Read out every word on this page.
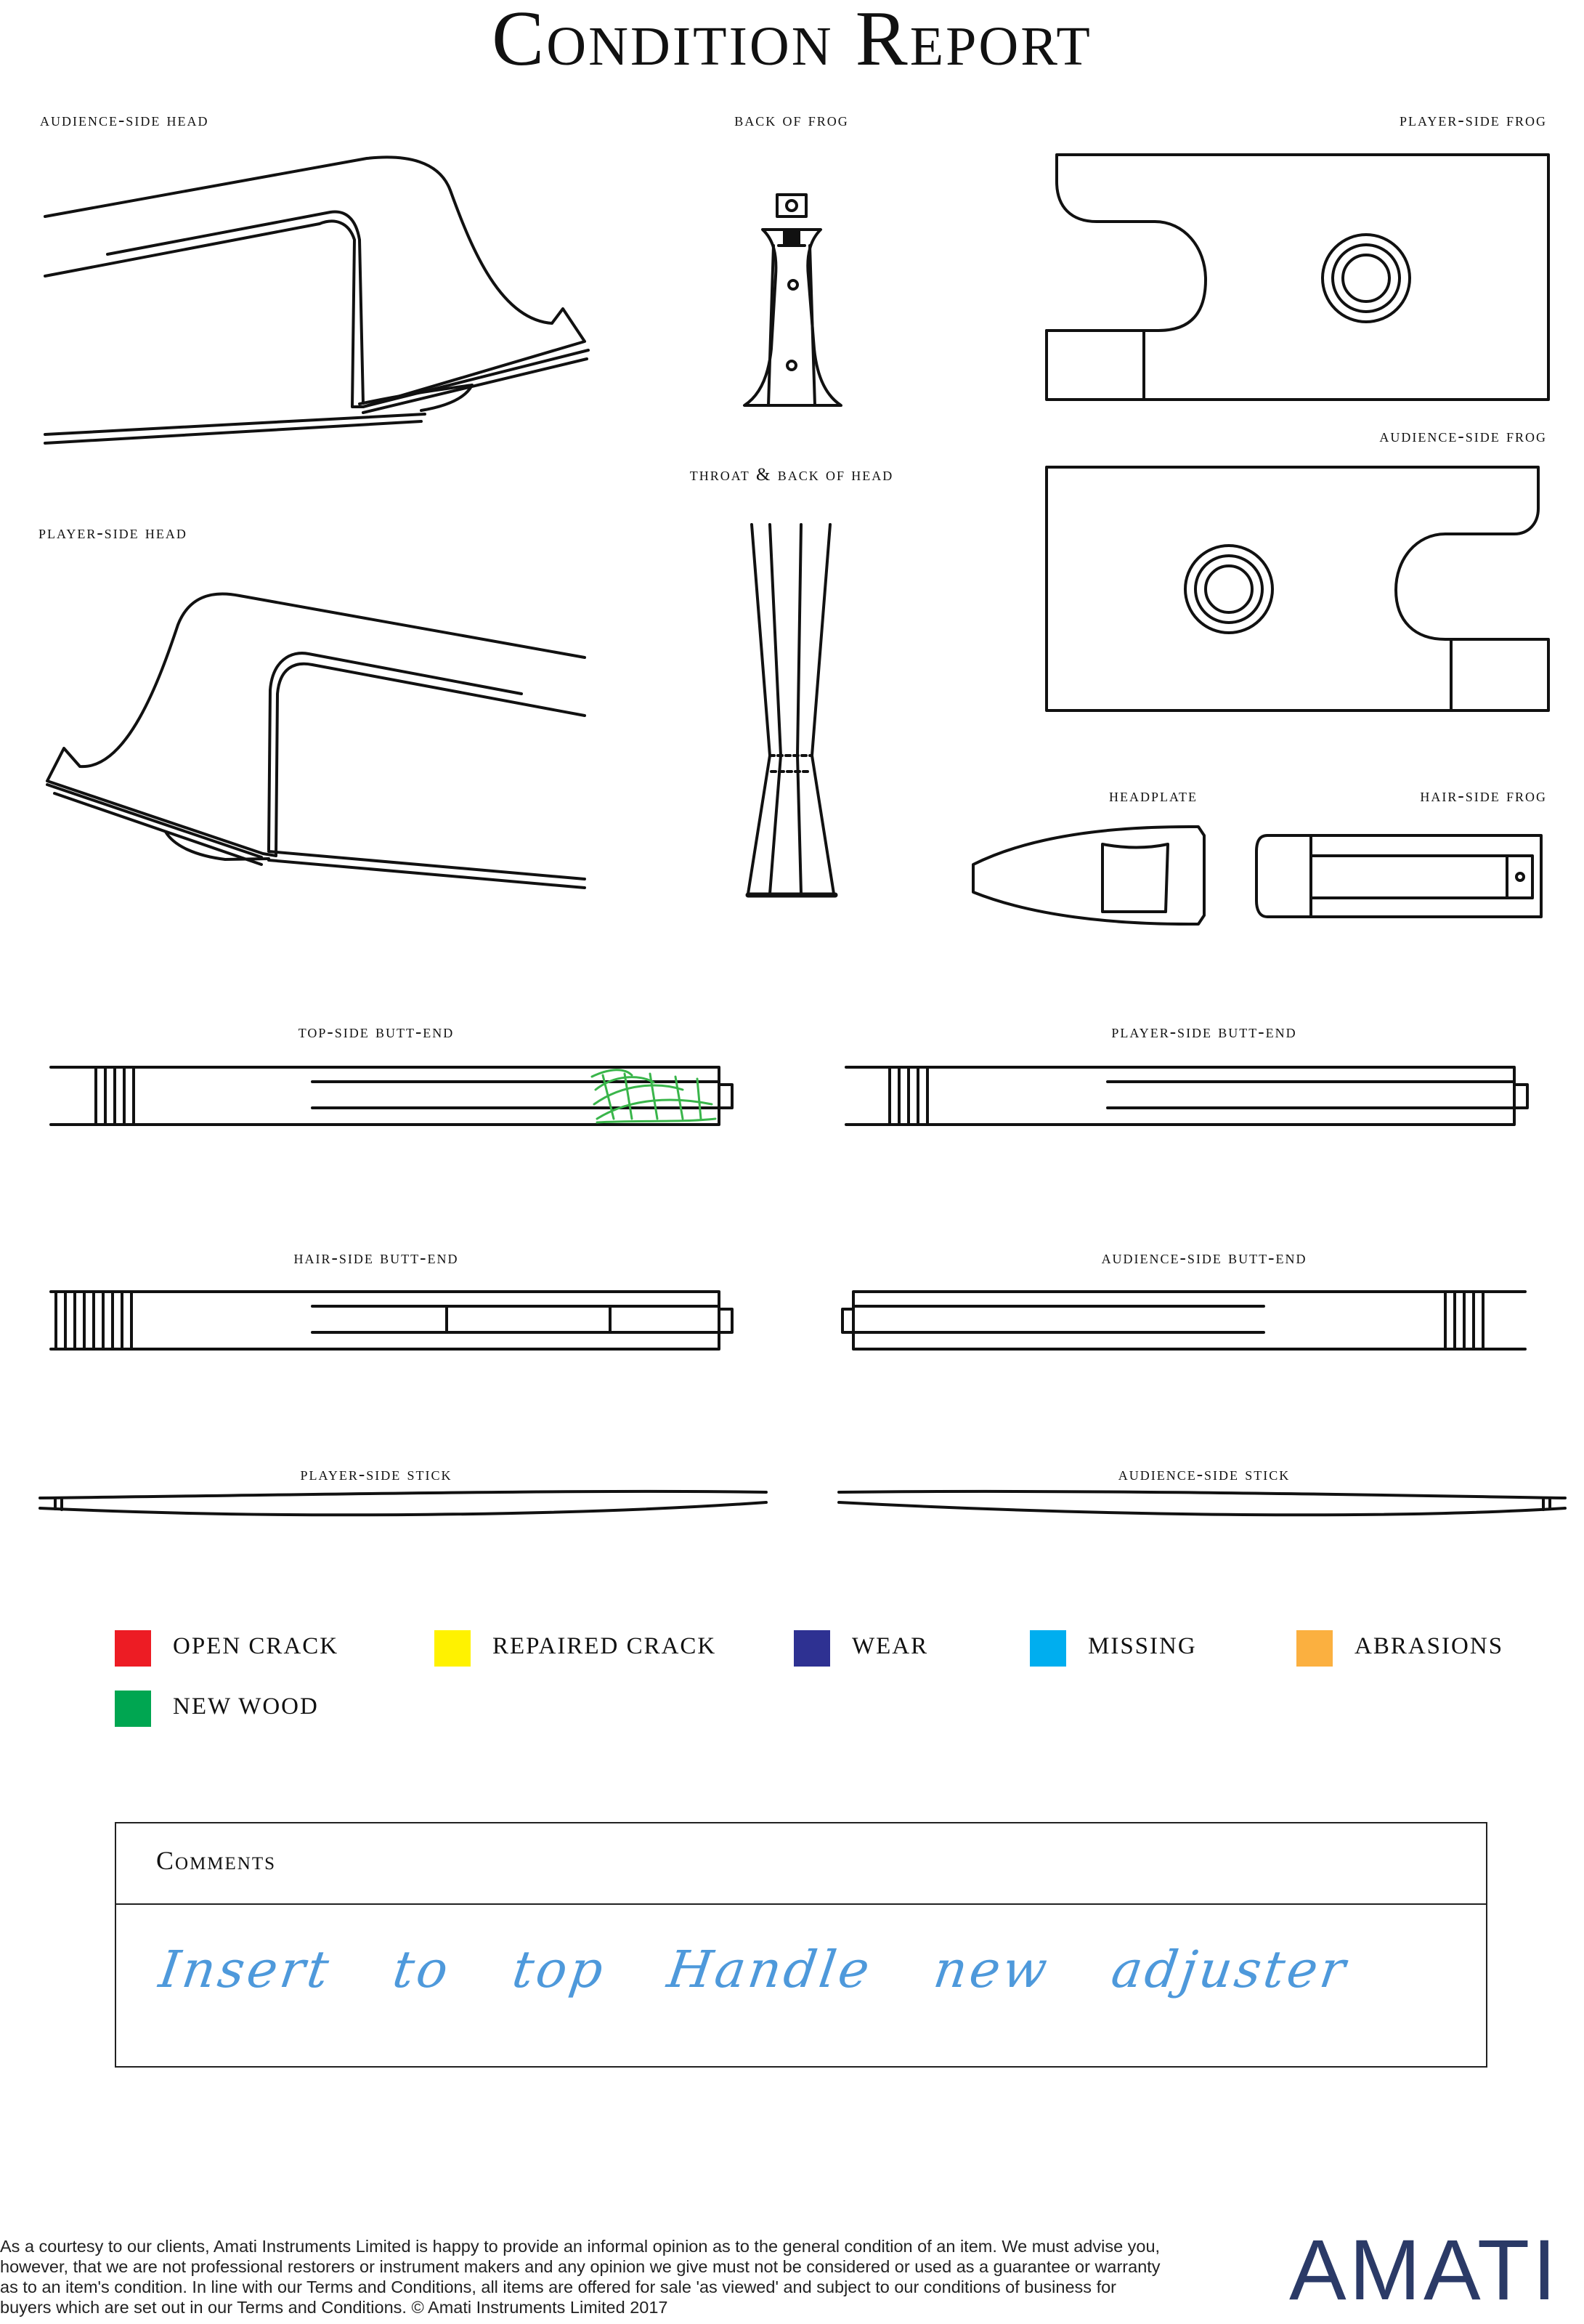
Condition Report
audience-side head	back of frog	player-side frog
audience-side frog
throat & back of head
player-side head
headplate	hair-side frog
top-side butt-end	player-side butt-end
hair-side butt-end	audience-side butt-end
player-side stick	audience-side stick
OPEN CRACK	REPAIRED CRACK	WEAR	MISSING	ABRASIONS
NEW WOOD
Comments
Insert to top Handle new adjuster
As a courtesy to our clients, Amati Instruments Limited is happy to provide an informal opinion as to the general condition of an item. We must advise you, however, that we are not professional restorers or instrument makers and any opinion we give must not be considered or used as a guarantee or warranty as to an item's condition. In line with our Terms and Conditions, all items are offered for sale 'as viewed' and subject to our conditions of business for buyers which are set out in our Terms and Conditions. © Amati Instruments Limited 2017	AMATI
